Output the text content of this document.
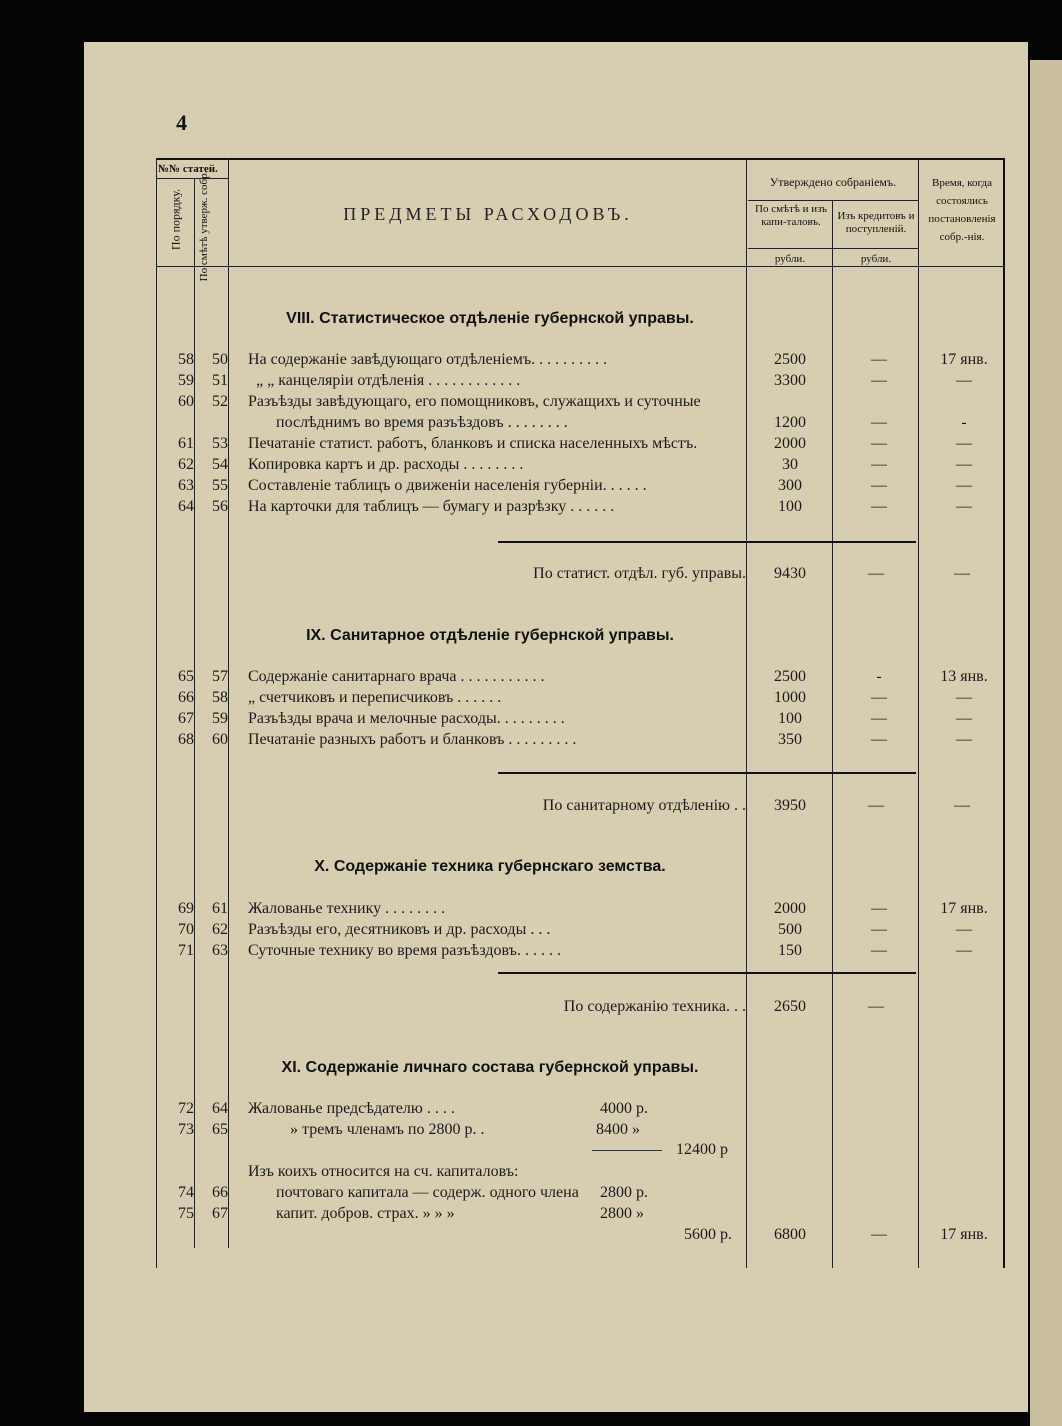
4
№№ статей.
По порядку. По смѣтѣ утверж. собр.	ПРЕДМЕТЫ РАСХОДОВЪ.
Утверждено собраніемъ.
По смѣтѣ и изъ капи-таловъ.	Изъ кредитовъ и поступленій.
рубли.	рубли.
Время, когда состоялись постановленія собр.-нія.
VIII. Статистическое отдѣленіе губернской управы.
58	50 На содержаніе завѣдующаго отдѣленіемъ. . . . . . . . . .	2500	—	17 янв.
59	51 „ „ канцеляріи отдѣленія . . . . . . . . . . . .	3300	—	—
60	52 Разъѣзды завѣдующаго, его помощниковъ, служащихъ и суточные
послѣднимъ во время разъѣздовъ . . . . . . . .	1200	—	-
61	53 Печатаніе статист. работъ, бланковъ и списка населенныхъ мѣстъ.	2000	—	—
62	54 Копировка картъ и др. расходы . . . . . . . .	30	—	—
63	55 Составленіе таблицъ о движеніи населенія губерніи. . . . . .	300	—	—
64	56 На карточки для таблицъ — бумагу и разрѣзку . . . . . .	100	—	—
По статист. отдѣл. губ. управы.	9430	—	—
IX. Санитарное отдѣленіе губернской управы.
65	57 Содержаніе санитарнаго врача . . . . . . . . . . .	2500	-	13 янв.
66	58 „ счетчиковъ и переписчиковъ . . . . . .	1000	—	—
67	59 Разъѣзды врача и мелочные расходы. . . . . . . . .	100	—	—
68	60 Печатаніе разныхъ работъ и бланковъ . . . . . . . . .	350	—	—
По санитарному отдѣленію . .	3950	—	—
X. Содержаніе техника губернскаго земства.
69	61 Жалованье технику . . . . . . . .	2000	—	17 янв.
70	62 Разъѣзды его, десятниковъ и др. расходы . . .	500	—	—
71	63 Суточные технику во время разъѣздовъ. . . . . .	150	—	—
По содержанію техника. . .	2650	—
XI. Содержаніе личнаго состава губернской управы.
72	64 Жалованье предсѣдателю . . . .	4000 р.
73	65	» тремъ членамъ по 2800 р. .	8400 »
12400 р
Изъ коихъ относится на сч. капиталовъ:
74	66	почтоваго капитала — содерж. одного члена 2800 р.
75	67	капит. добров. страх. » » »	2800 »
5600 р.	6800	—	17 янв.
